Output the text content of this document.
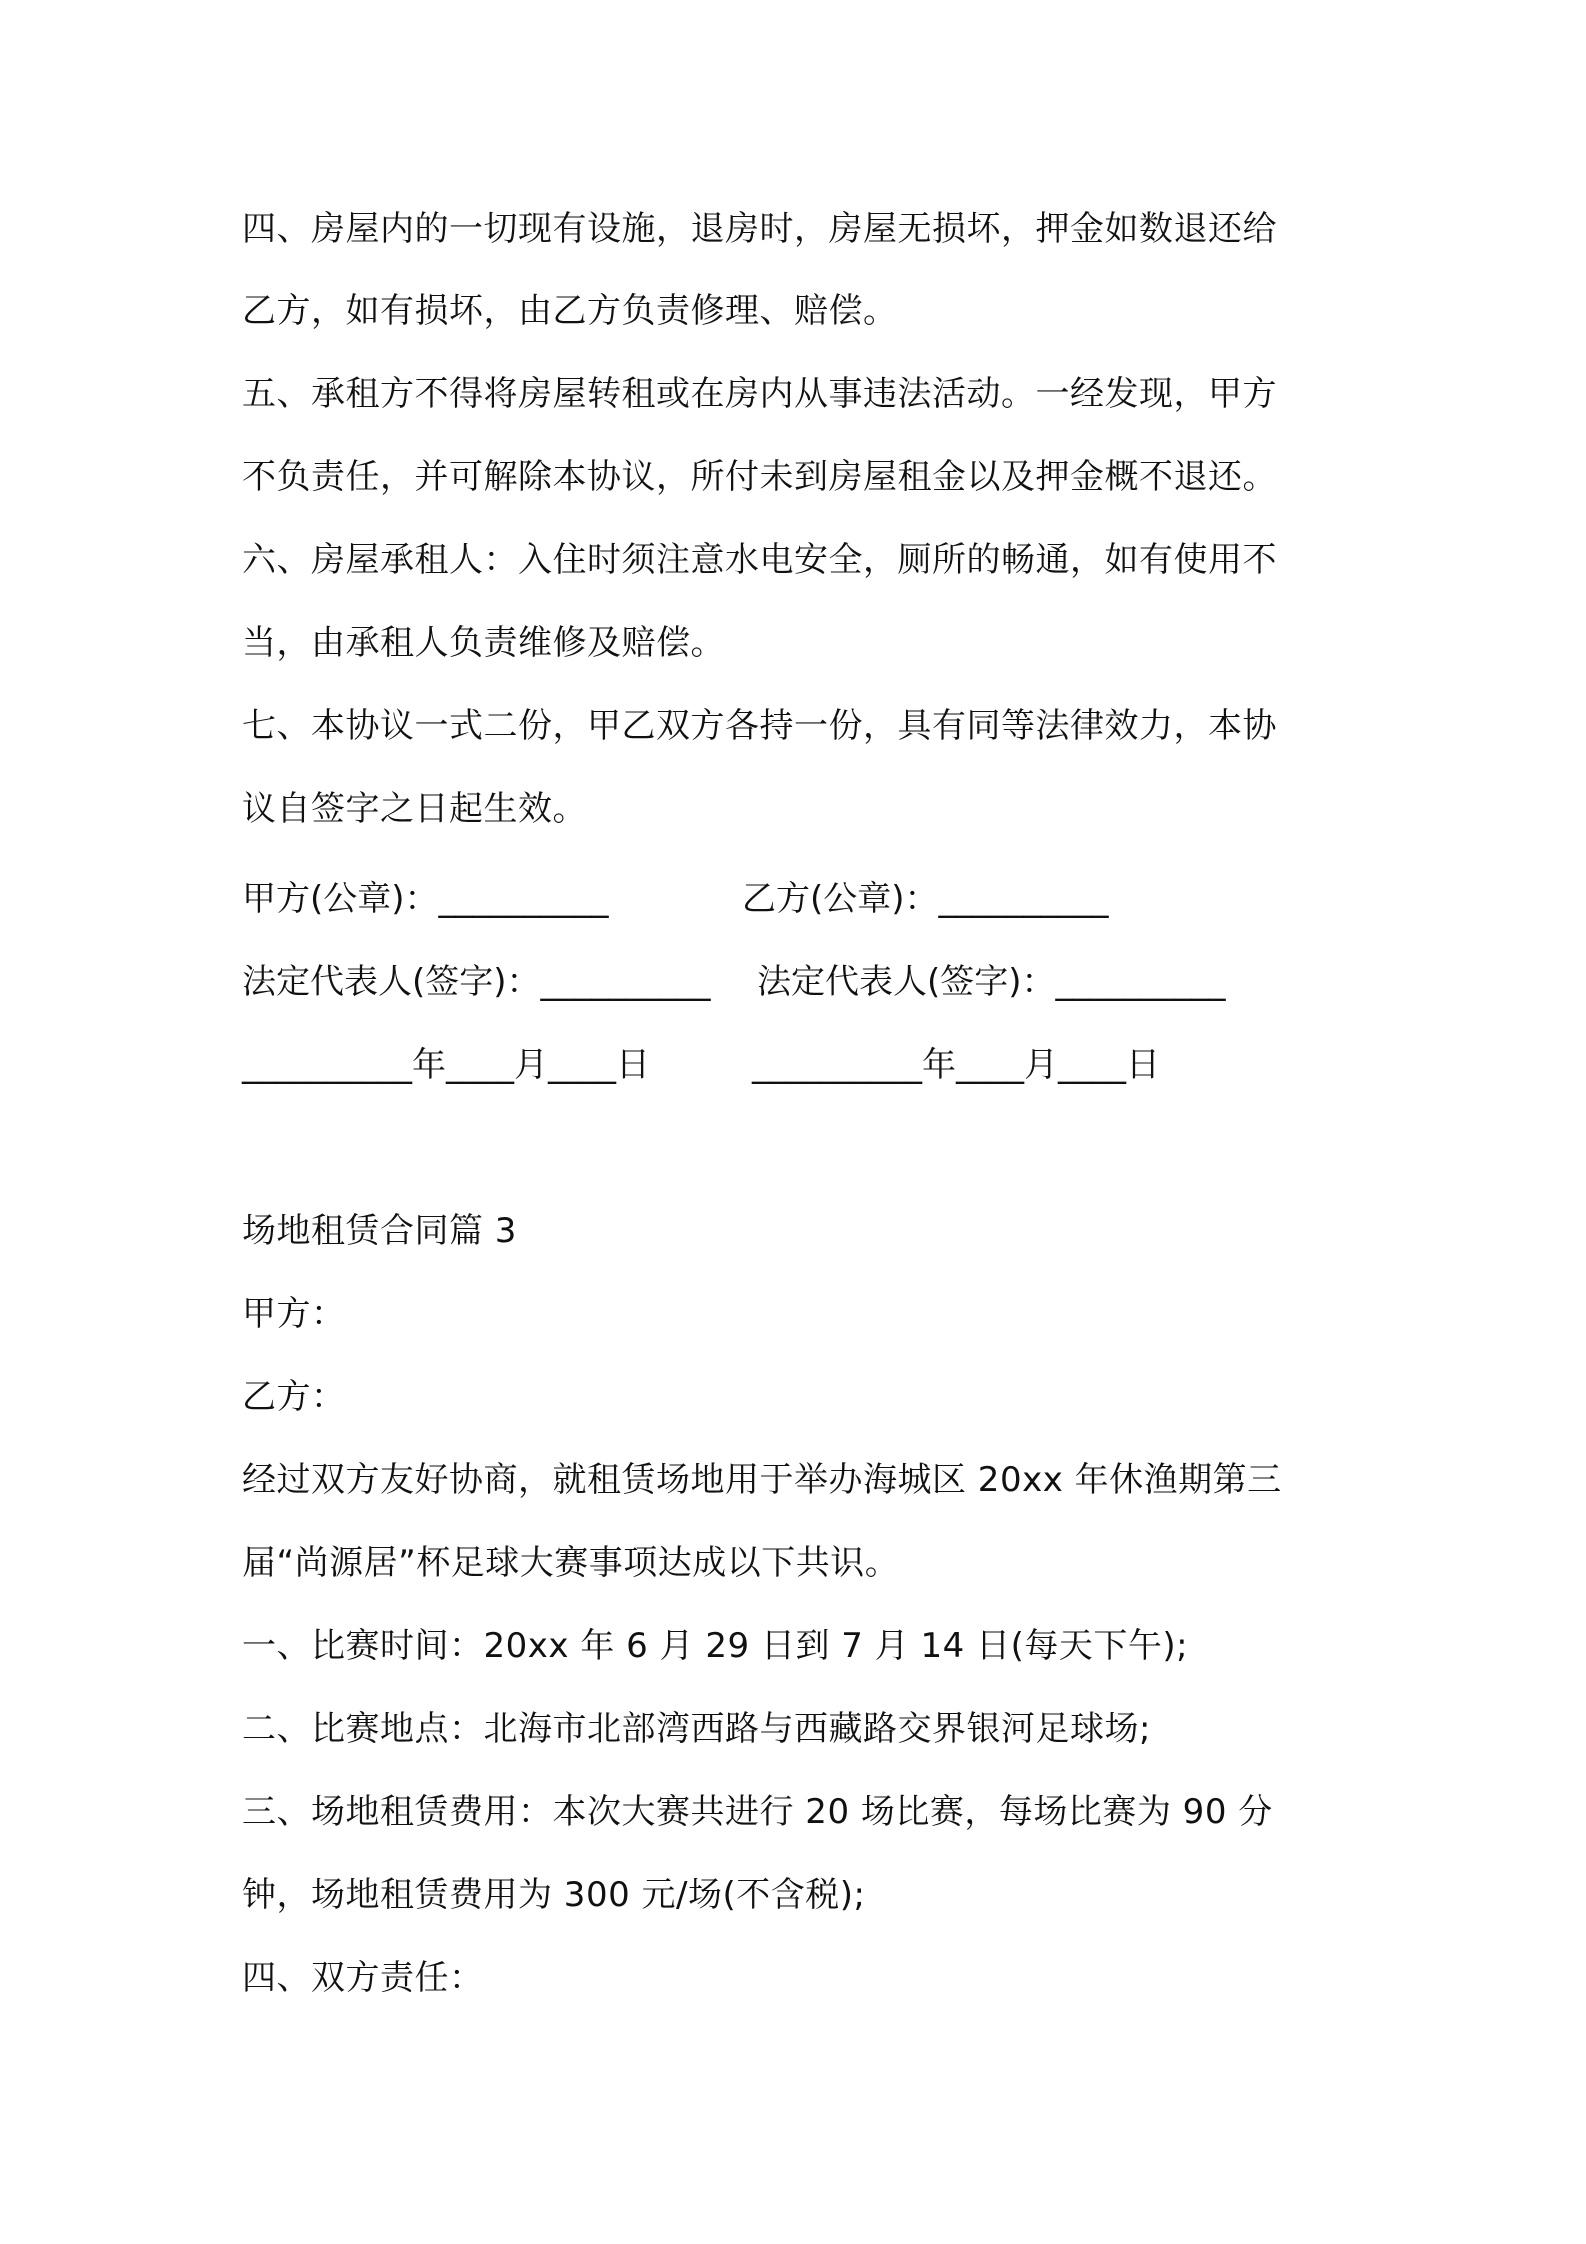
四、房屋内的一切现有设施，退房时，房屋无损坏，押金如数退还给
乙方，如有损坏，由乙方负责修理、赔偿。
五、承租方不得将房屋转租或在房内从事违法活动。一经发现，甲方
不负责任，并可解除本协议，所付未到房屋租金以及押金概不退还。
六、房屋承租人：入住时须注意水电安全，厕所的畅通，如有使用不
当，由承租人负责维修及赔偿。
七、本协议一式二份，甲乙双方各持一份，具有同等法律效力，本协
议自签字之日起生效。
甲方(公章)：__________	乙方(公章)：__________
法定代表人(签字)：__________ 法定代表人(签字)：__________
__________年____月____日	__________年____月____日
场地租赁合同篇 3
甲方：
乙方：
经过双方友好协商，就租赁场地用于举办海城区 20xx 年休渔期第三
届“尚源居”杯足球大赛事项达成以下共识。
一、比赛时间：20xx 年 6 月 29 日到 7 月 14 日(每天下午);
二、比赛地点：北海市北部湾西路与西藏路交界银河足球场;
三、场地租赁费用：本次大赛共进行 20 场比赛，每场比赛为 90 分
钟，场地租赁费用为 300 元/场(不含税);
四、双方责任：
